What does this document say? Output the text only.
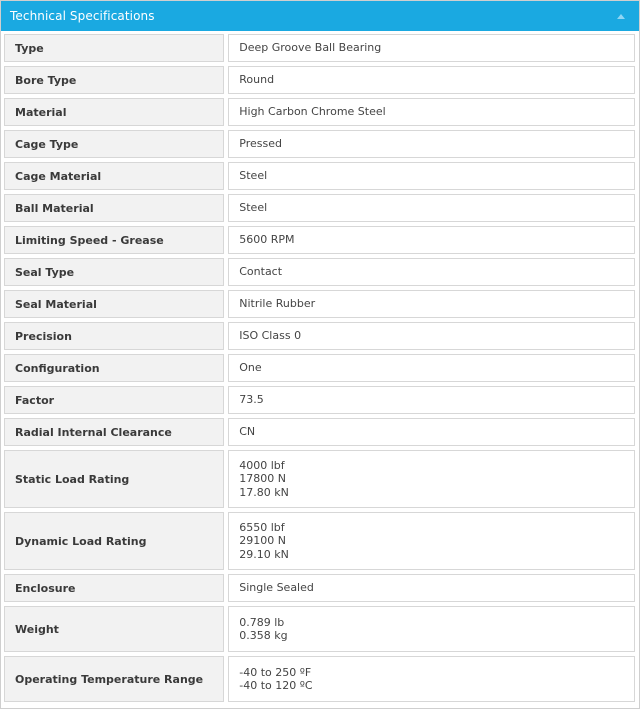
Technical Specifications
Type	Deep Groove Ball Bearing

Bore Type	Round

Material	High Carbon Chrome Steel

Cage Type	Pressed

Cage Material	Steel

Ball Material	Steel

Limiting Speed - Grease	5600 RPM

Seal Type	Contact

Seal Material	Nitrile Rubber

Precision	ISO Class 0

Configuration	One

Factor	73.5

Radial Internal Clearance	CN

Static Load Rating	4000 lbf
17800 N
17.80 kN

Dynamic Load Rating	6550 lbf
29100 N
29.10 kN

Enclosure	Single Sealed

Weight	0.789 lb
0.358 kg

Operating Temperature Range	-40 to 250 ºF
-40 to 120 ºC
